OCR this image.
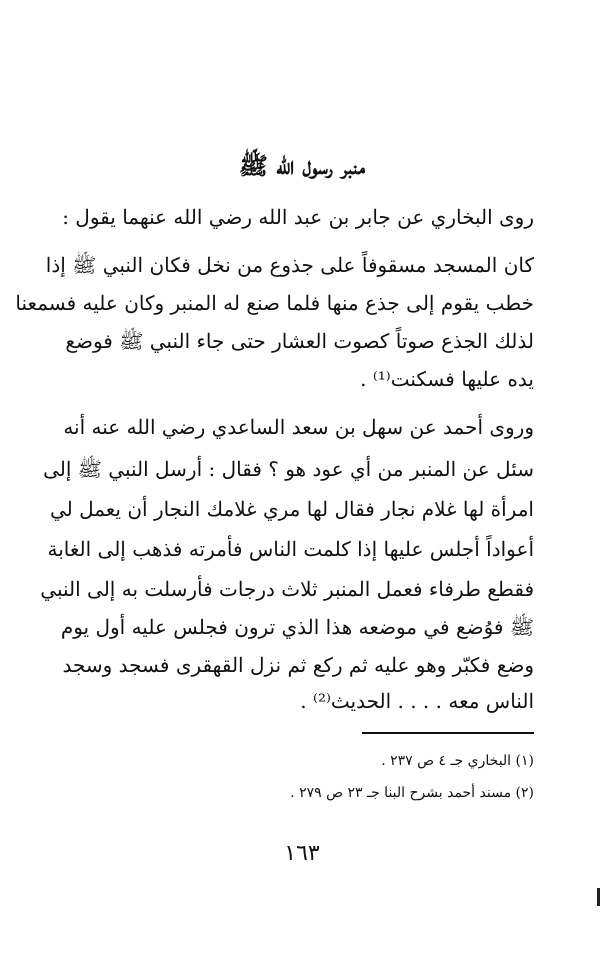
منبر رسول الله ﷺ
روى البخاري عن جابر بن عبد الله رضي الله عنهما يقول :
كان المسجد مسقوفاً على جذوع من نخل فكان النبي ﷺ إذا
خطب يقوم إلى جذع منها فلما صنع له المنبر وكان عليه فسمعنا
لذلك الجذع صوتاً كصوت العشار حتى جاء النبي ﷺ فوضع
يده عليها فسكنت⁽¹⁾ .
وروى أحمد عن سهل بن سعد الساعدي رضي الله عنه أنه
سئل عن المنبر من أي عود هو ؟ فقال : أرسل النبي ﷺ إلى
امرأة لها غلام نجار فقال لها مري غلامك النجار أن يعمل لي
أعواداً أجلس عليها إذا كلمت الناس فأمرته فذهب إلى الغابة
فقطع طرفاء فعمل المنبر ثلاث درجات فأرسلت به إلى النبي
ﷺ فوُضع في موضعه هذا الذي ترون فجلس عليه أول يوم
وضع فكبّر وهو عليه ثم ركع ثم نزل القهقرى فسجد وسجد
الناس معه . . . . الحديث⁽²⁾ .
(١) البخاري جـ ٤ ص ٢٣٧ .
(٢) مسند أحمد بشرح البنا جـ ٢٣ ص ٢٧٩ .
١٦٣
